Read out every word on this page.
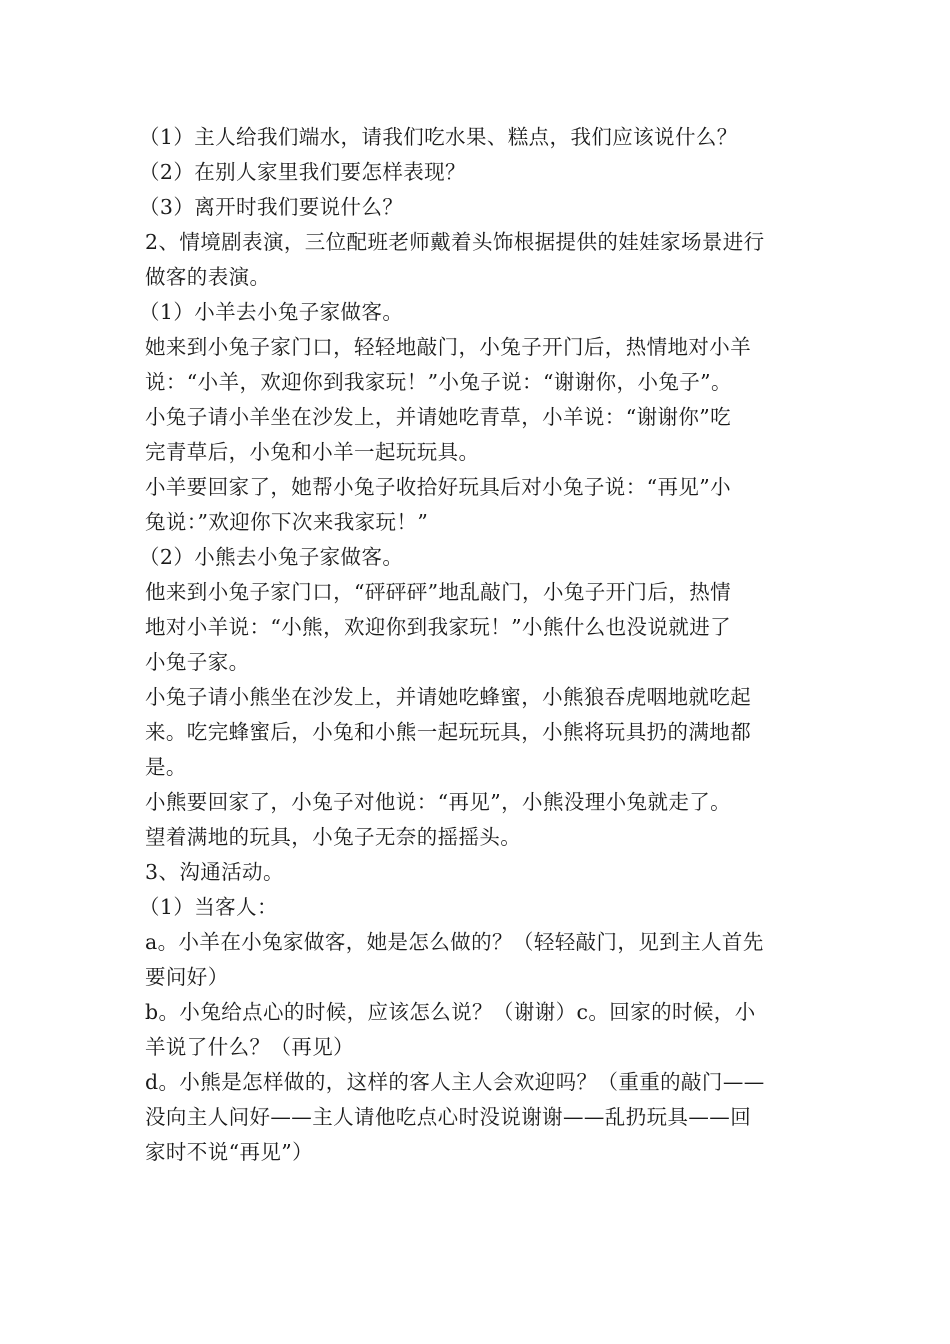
（1）主人给我们端水，请我们吃水果、糕点，我们应该说什么？
（2）在别人家里我们要怎样表现？
（3）离开时我们要说什么？
2、情境剧表演，三位配班老师戴着头饰根据提供的娃娃家场景进行
做客的表演。
（1）小羊去小兔子家做客。
她来到小兔子家门口，轻轻地敲门，小兔子开门后，热情地对小羊
说：“小羊，欢迎你到我家玩！”小兔子说：“谢谢你，小兔子”。
小兔子请小羊坐在沙发上，并请她吃青草，小羊说：“谢谢你”吃
完青草后，小兔和小羊一起玩玩具。
小羊要回家了，她帮小兔子收拾好玩具后对小兔子说：“再见”小
兔说：”欢迎你下次来我家玩！”
（2）小熊去小兔子家做客。
他来到小兔子家门口，“砰砰砰”地乱敲门，小兔子开门后，热情
地对小羊说：“小熊，欢迎你到我家玩！”小熊什么也没说就进了
小兔子家。
小兔子请小熊坐在沙发上，并请她吃蜂蜜，小熊狼吞虎咽地就吃起
来。吃完蜂蜜后，小兔和小熊一起玩玩具，小熊将玩具扔的满地都
是。
小熊要回家了，小兔子对他说：“再见”，小熊没理小兔就走了。
望着满地的玩具，小兔子无奈的摇摇头。
3、沟通活动。
（1）当客人：
a。小羊在小兔家做客，她是怎么做的？（轻轻敲门，见到主人首先
要问好）
b。小兔给点心的时候，应该怎么说？（谢谢）c。回家的时候，小
羊说了什么？（再见）
d。小熊是怎样做的，这样的客人主人会欢迎吗？（重重的敲门——
没向主人问好——主人请他吃点心时没说谢谢——乱扔玩具——回
家时不说“再见”）
